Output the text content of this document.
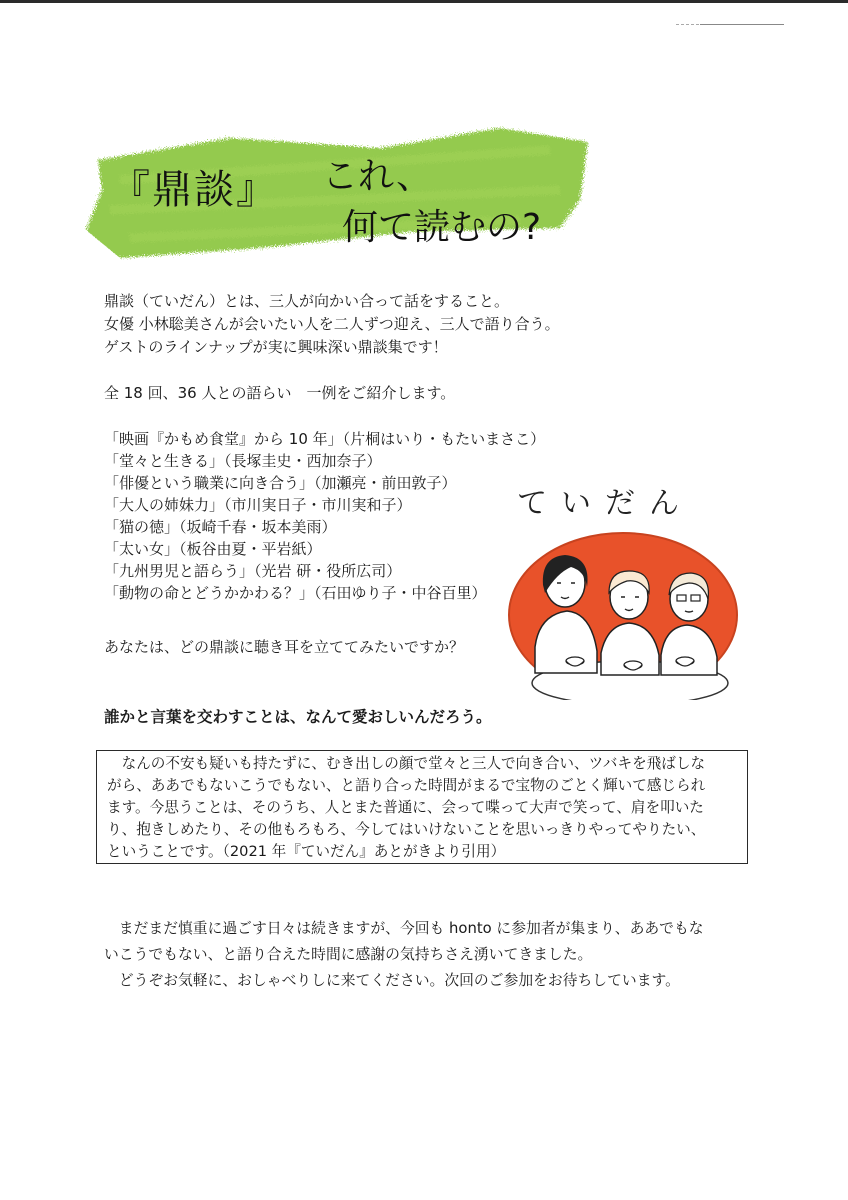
『鼎談』 これ、
何て読むの?
鼎談（ていだん）とは、三人が向かい合って話をすること。
女優 小林聡美さんが会いたい人を二人ずつ迎え、三人で語り合う。
ゲストのラインナップが実に興味深い鼎談集です！
全 18 回、36 人との語らい　一例をご紹介します。
「映画『かもめ食堂』から 10 年」（片桐はいり・もたいまさこ）
「堂々と生きる」（長塚圭史・西加奈子）
「俳優という職業に向き合う」（加瀬亮・前田敦子）
「大人の姉妹力」（市川実日子・市川実和子）
「猫の徳」（坂崎千春・坂本美雨）
「太い女」（板谷由夏・平岩紙）
「九州男児と語らう」（光岩 研・役所広司）
「動物の命とどうかかわる？」（石田ゆり子・中谷百里）
あなたは、どの鼎談に聴き耳を立ててみたいですか？
ていだん
誰かと言葉を交わすことは、なんて愛おしいんだろう。

　なんの不安も疑いも持たずに、むき出しの顔で堂々と三人で向き合い、ツバキを飛ばしな
がら、ああでもないこうでもない、と語り合った時間がまるで宝物のごとく輝いて感じられ
ます。今思うことは、そのうち、人とまた普通に、会って喋って大声で笑って、肩を叩いた
り、抱きしめたり、その他もろもろ、今してはいけないことを思いっきりやってやりたい、
ということです。（2021 年『ていだん』あとがきより引用）

　まだまだ慎重に過ごす日々は続きますが、今回も honto に参加者が集まり、ああでもな
いこうでもない、と語り合えた時間に感謝の気持ちさえ湧いてきました。

　どうぞお気軽に、おしゃべりしに来てください。次回のご参加をお待ちしています。
